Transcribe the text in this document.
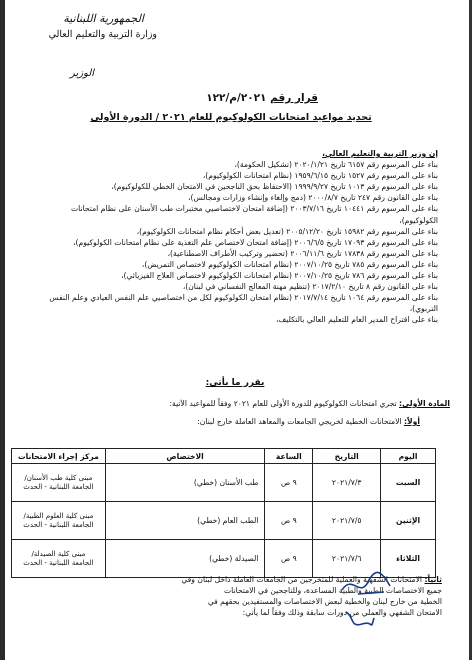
الجمهورية اللبنانية
وزارة التربية والتعليم العالي
الوزير
قرار رقم ٢٠٢١/م/١٢٢
تحديد مواعيد امتحانات الكولوكيوم للعام ٢٠٢١ / الدورة الأولى
إن وزير التربية والتعليم العالي،
بناء على المرسوم رقم ٦١٥٧ تاريخ ٢٠٢٠/١/٢١ (تشكيل الحكومة)،
بناء على المرسوم رقم ١٥٢٧ تاريخ ١٩٥٩/٦/١٥ (نظام امتحانات الكولوكيوم)،
بناء على المرسوم رقم ١٠١٣ تاريخ ١٩٩٩/٩/٢٧ (الاحتفاظ بحق الناجحين في الامتحان الخطي للكولوكيوم)،
بناء على القانون رقم ٢٤٧ تاريخ ٢٠٠٠/٨/٧ (دمج وإلغاء وإنشاء وزارات ومجالس)،
بناء على المرسوم رقم ١٠٤٤١ تاريخ ٢٠٠٣/٧/١٦ (إضافة امتحان لاختصاصيي مختبرات طب الأسنان على نظام امتحانات الكولوكيوم)،
بناء على المرسوم رقم ١٥٩٨٢ تاريخ ٢٠٠٥/١٢/٢٠ (تعديل بعض أحكام نظام امتحانات الكولوكيوم)،
بناء على المرسوم رقم ١٧٠٩٣ تاريخ ٢٠٠٦/٦/٥ (إضافة امتحان لاختصاص علم التغذية على نظام امتحانات الكولوكيوم)،
بناء على المرسوم رقم ١٧٨٣٨ تاريخ ٢٠٠٦/١١/٦ (تحضير وتركيب الأطراف الاصطناعية)،
بناء على المرسوم رقم ٧٨٥ تاريخ ٢٠٠٧/١٠/٢٥ (نظام امتحانات الكولوكيوم لاختصاص التمريض)،
بناء على المرسوم رقم ٧٨٦ تاريخ ٢٠٠٧/١٠/٢٥ (نظام امتحانات الكولوكيوم لاختصاص العلاج الفيزيائي)،
بناء على القانون رقم ٨ تاريخ ٢٠١٧/٢/١٠ (تنظيم مهنة المعالج النفساني في لبنان)،
بناء على المرسوم رقم ١٠٦٤ تاريخ ٢٠١٧/٧/١٤ (نظام امتحان الكولوكيوم لكل من اختصاصيي علم النفس العيادي وعلم النفس التربوي)،
بناء على اقتراح المدير العام للتعليم العالي بالتكليف،
يقرر ما يأتي:
المادة الأولى: تجري امتحانات الكولوكيوم للدورة الأولى للعام ٢٠٢١ وفقاً للمواعيد الآتية:
أولاً: الامتحانات الخطية لخريجي الجامعات والمعاهد العاملة خارج لبنان:
اليوم	التاريخ	الساعة	الاختصاص	مركز إجراء الامتحانات
السبت	٢٠٢١/٧/٣	٩ ص	طب الأسنان (خطي)	مبنى كلية طب الأسنان/
الجامعة اللبنانية - الحدث

الإثنين	٢٠٢١/٧/٥	٩ ص	الطب العام (خطي)	مبنى كلية العلوم الطبية/
الجامعة اللبنانية - الحدث

الثلاثاء	٢٠٢١/٧/٦	٩ ص	الصيدلة (خطي)	مبنى كلية الصيدلة/
الجامعة اللبنانية - الحدث
ثانياً: الامتحانات الشفهية والعملية للمتخرجين من الجامعات العاملة داخل لبنان وفي
جميع الاختصاصات الطبية والطبية المساعدة، وللناجحين في الامتحانات
الخطية من خارج لبنان والخطية لبعض الاختصاصات والمستفيدين بحقهم في
الامتحان الشفهي والعملي من دورات سابقة وذلك وفقاً لما يأتي:
